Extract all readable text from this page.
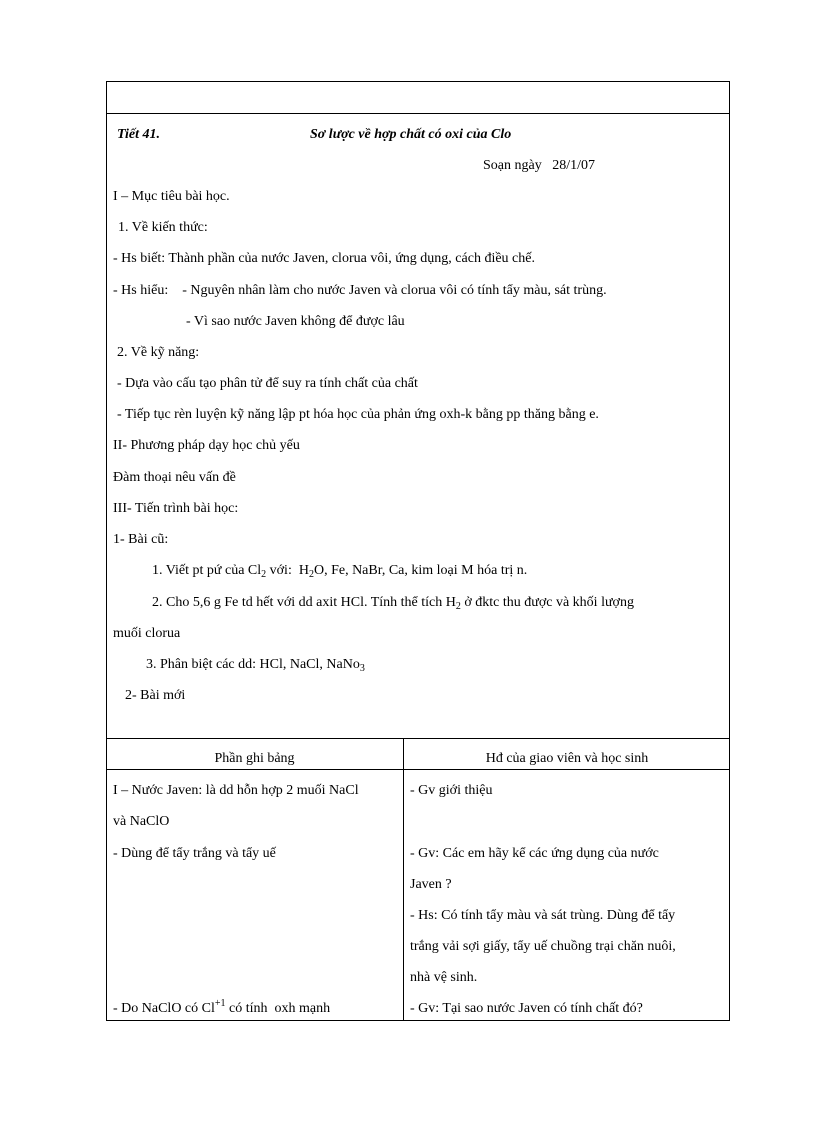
Tiết 41.	Sơ lược về hợp chất có oxi của Clo
Soạn ngày   28/1/07
I – Mục tiêu bài học.
1. Về kiến thức:
- Hs biết: Thành phần của nước Javen, clorua vôi, ứng dụng, cách điều chế.
- Hs hiểu:    - Nguyên nhân làm cho nước Javen và clorua vôi có tính tẩy màu, sát trùng.
- Vì sao nước Javen không để được lâu
2. Về kỹ năng:
- Dựa vào cấu tạo phân tử để suy ra tính chất của chất
- Tiếp tục rèn luyện kỹ năng lập pt hóa học của phản ứng oxh-k bằng pp thăng bằng e.
II- Phương pháp dạy học chủ yếu
Đàm thoại nêu vấn đề
III- Tiến trình bài học:
1- Bài cũ:
1. Viết pt pứ của $Cl_2$ với:  $H_2O$, Fe, NaBr, Ca, kim loại M hóa trị n.
2. Cho 5,6 g Fe td hết với dd axit HCl. Tính thể tích $H_2$ ở đktc thu được và khối lượng
muối clorua
3. Phân biệt các dd: HCl, NaCl, NaNo$_3$
2- Bài mới
Phần ghi bảng	Hđ của giao viên và học sinh
I – Nước Javen: là dd hỗn hợp 2 muối NaCl
và NaClO
- Dùng để tẩy trắng và tẩy uế
- Do NaClO có $Cl^{+1}$ có tính  oxh mạnh
- Gv giới thiệu
- Gv: Các em hãy kể các ứng dụng của nước
Javen ?
- Hs: Có tính tẩy màu và sát trùng. Dùng để tẩy
trắng vải sợi giấy, tẩy uế chuồng trại chăn nuôi,
nhà vệ sinh.
- Gv: Tại sao nước Javen có tính chất đó?
